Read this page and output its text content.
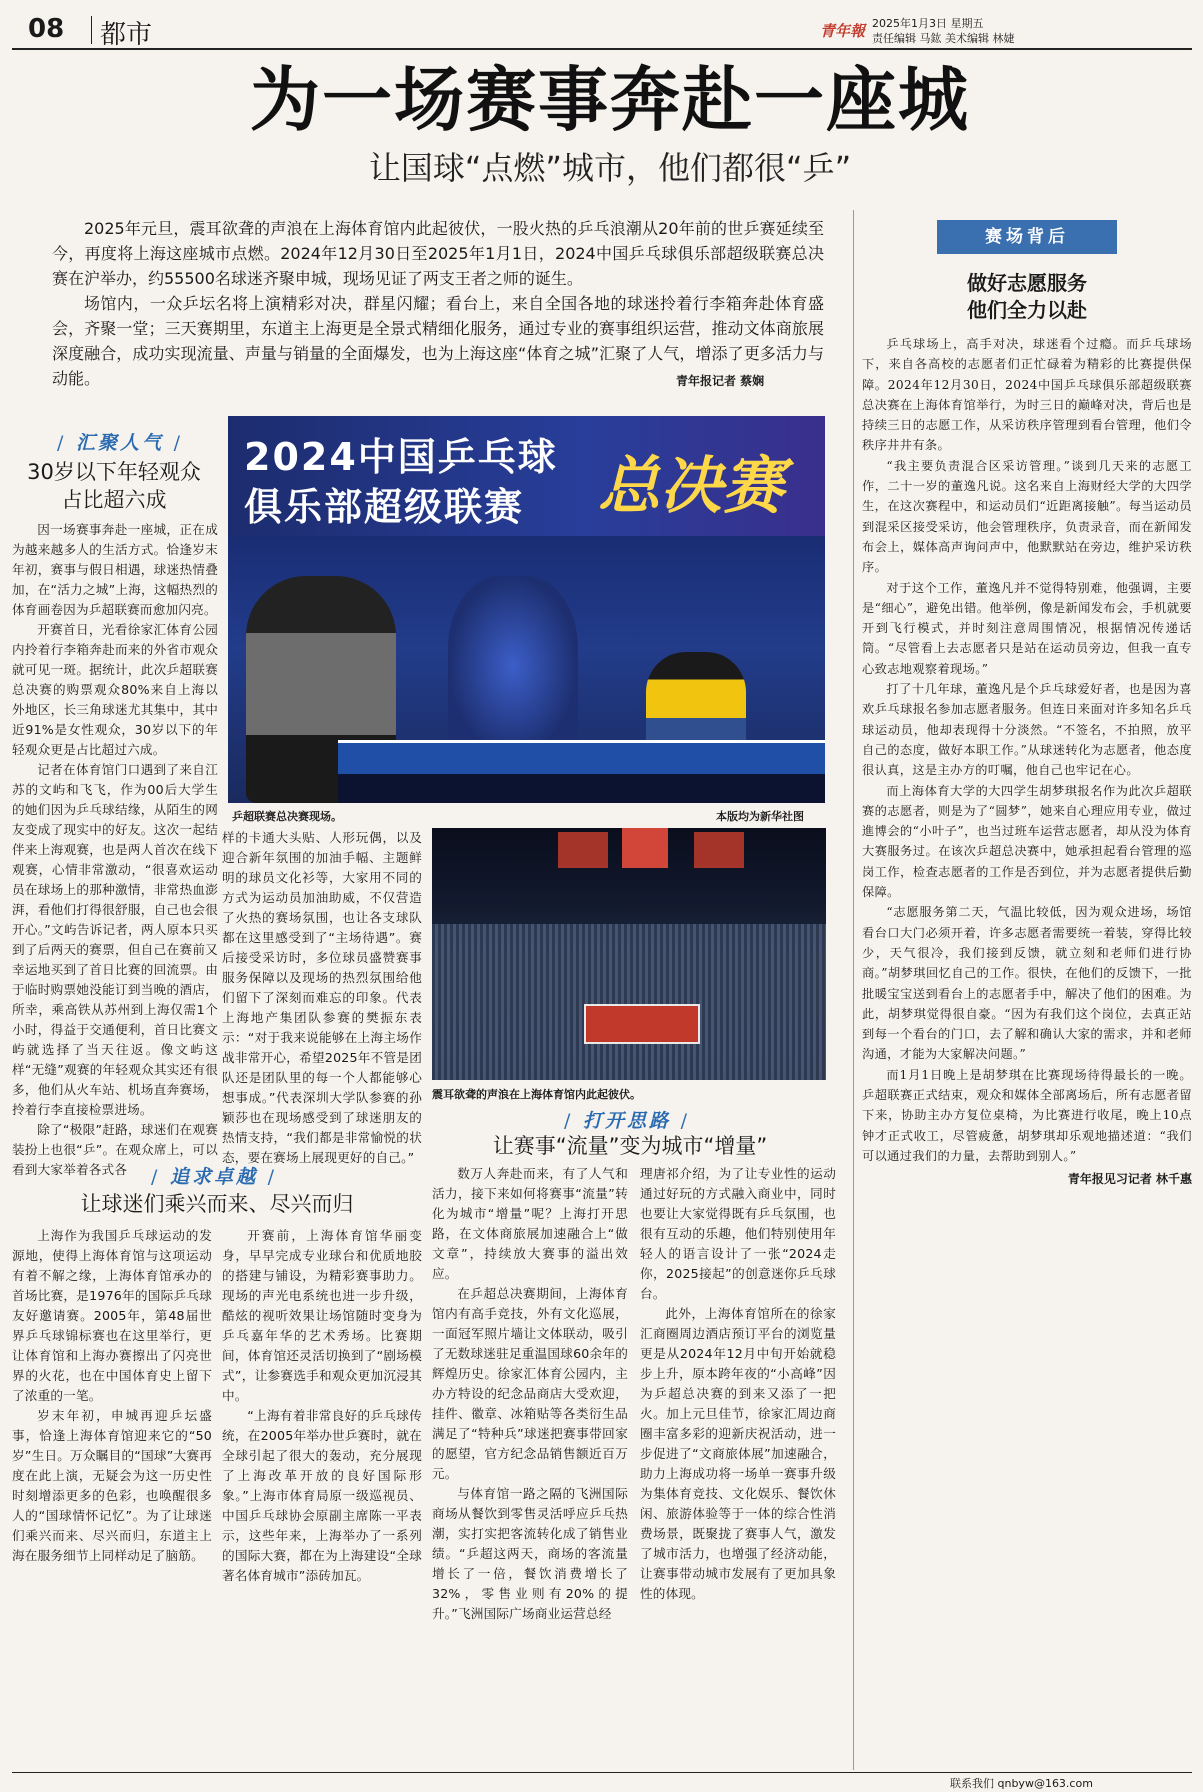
08 都市	青年報 2025年1月3日 星期五
责任编辑 马鈜 美术编辑 林婕
为一场赛事奔赴一座城
让国球“点燃”城市，他们都很“乒”

2025年元旦，震耳欲聋的声浪在上海体育馆内此起彼伏，一股火热的乒乓浪潮从20年前的世乒赛延续至今，再度将上海这座城市点燃。2024年12月30日至2025年1月1日，2024中国乒乓球俱乐部超级联赛总决赛在沪举办，约55500名球迷齐聚申城，现场见证了两支王者之师的诞生。

场馆内，一众乒坛名将上演精彩对决，群星闪耀；看台上，来自全国各地的球迷拎着行李箱奔赴体育盛会，齐聚一堂；三天赛期里，东道主上海更是全景式精细化服务，通过专业的赛事组织运营，推动文体商旅展深度融合，成功实现流量、声量与销量的全面爆发，也为上海这座“体育之城”汇聚了人气，增添了更多活力与动能。	青年报记者 蔡娴
赛场背后
做好志愿服务
他们全力以赴

乒乓球场上，高手对决，球迷看个过瘾。而乒乓球场下，来自各高校的志愿者们正忙碌着为精彩的比赛提供保障。2024年12月30日，2024中国乒乓球俱乐部超级联赛总决赛在上海体育馆举行，为时三日的巅峰对决，背后也是持续三日的志愿工作，从采访秩序管理到看台管理，他们令秩序井井有条。

“我主要负责混合区采访管理。”谈到几天来的志愿工作，二十一岁的董逸凡说。这名来自上海财经大学的大四学生，在这次赛程中，和运动员们“近距离接触”。每当运动员到混采区接受采访，他会管理秩序，负责录音，而在新闻发布会上，媒体高声询问声中，他默默站在旁边，维护采访秩序。

对于这个工作，董逸凡并不觉得特别难，他强调，主要是“细心”，避免出错。他举例，像是新闻发布会，手机就要开到飞行模式，并时刻注意周围情况，根据情况传递话筒。“尽管看上去志愿者只是站在运动员旁边，但我一直专心致志地观察着现场。”

打了十几年球，董逸凡是个乒乓球爱好者，也是因为喜欢乒乓球报名参加志愿者服务。但连日来面对许多知名乒乓球运动员，他却表现得十分淡然。“不签名，不拍照，放平自己的态度，做好本职工作。”从球迷转化为志愿者，他态度很认真，这是主办方的叮嘱，他自己也牢记在心。

而上海体育大学的大四学生胡梦琪报名作为此次乒超联赛的志愿者，则是为了“圆梦”，她来自心理应用专业，做过進博会的“小叶子”，也当过班车运营志愿者，却从没为体育大赛服务过。在该次乒超总决赛中，她承担起看台管理的巡岗工作，检查志愿者的工作是否到位，并为志愿者提供后勤保障。

“志愿服务第二天，气温比较低，因为观众进场，场馆看台口大门必须开着，许多志愿者需要统一着装，穿得比较少，天气很冷，我们接到反馈，就立刻和老师们进行协商。”胡梦琪回忆自己的工作。很快，在他们的反馈下，一批批暖宝宝送到看台上的志愿者手中，解决了他们的困难。为此，胡梦琪觉得很自豪。“因为有我们这个岗位，去真正站到每一个看台的门口，去了解和确认大家的需求，并和老师沟通，才能为大家解决问题。”

而1月1日晚上是胡梦琪在比赛现场待得最长的一晚。乒超联赛正式结束，观众和媒体全部离场后，所有志愿者留下来，协助主办方复位桌椅，为比赛进行收尾，晚上10点钟才正式收工，尽管疲惫，胡梦琪却乐观地描述道：“我们可以通过我们的力量，去帮助到别人。”

青年报见习记者 林千惠
2024中国乒乓球
俱乐部超级联赛 总决赛
乒超联赛总决赛现场。	本版均为新华社图
/ 汇聚人气 /
30岁以下年轻观众
占比超六成

因一场赛事奔赴一座城，正在成为越来越多人的生活方式。恰逢岁末年初，赛事与假日相遇，球迷热情叠加，在“活力之城”上海，这幅热烈的体育画卷因为乒超联赛而愈加闪亮。

开赛首日，光看徐家汇体育公园内拎着行李箱奔赴而来的外省市观众就可见一斑。据统计，此次乒超联赛总决赛的购票观众80%来自上海以外地区，长三角球迷尤其集中，其中近91%是女性观众，30岁以下的年轻观众更是占比超过六成。

记者在体育馆门口遇到了来自江苏的文屿和飞飞，作为00后大学生的她们因为乒乓球结缘，从陌生的网友变成了现实中的好友。这次一起结伴来上海观赛，也是两人首次在线下观赛，心情非常激动，“很喜欢运动员在球场上的那种激情，非常热血澎湃，看他们打得很舒服，自己也会很开心。”文屿告诉记者，两人原本只买到了后两天的赛票，但自己在赛前又幸运地买到了首日比赛的回流票。由于临时购票她没能订到当晚的酒店，所幸，乘高铁从苏州到上海仅需1个小时，得益于交通便利，首日比赛文屿就选择了当天往返。像文屿这样“无缝”观赛的年轻观众其实还有很多，他们从火车站、机场直奔赛场，拎着行李直接检票进场。

除了“极限”赶路，球迷们在观赛装扮上也很“乒”。在观众席上，可以看到大家举着各式各

样的卡通大头贴、人形玩偶，以及迎合新年氛围的加油手幅、主题鲜明的球员文化衫等，大家用不同的方式为运动员加油助威，不仅营造了火热的赛场氛围，也让各支球队都在这里感受到了“主场待遇”。赛后接受采访时，多位球员盛赞赛事服务保障以及现场的热烈氛围给他们留下了深刻而难忘的印象。代表上海地产集团队参赛的樊振东表示：“对于我来说能够在上海主场作战非常开心，希望2025年不管是团队还是团队里的每一个人都能够心想事成。”代表深圳大学队参赛的孙颖莎也在现场感受到了球迷朋友的热情支持，“我们都是非常愉悦的状态，要在赛场上展现更好的自己。”

震耳欲聋的声浪在上海体育馆内此起彼伏。
/ 打开思路 /
让赛事“流量”变为城市“增量”

数万人奔赴而来，有了人气和活力，接下来如何将赛事“流量”转化为城市“增量”呢？上海打开思路，在文体商旅展加速融合上“做文章”，持续放大赛事的溢出效应。

在乒超总决赛期间，上海体育馆内有高手竞技，外有文化巡展，一面冠军照片墙让文体联动，吸引了无数球迷驻足重温国球60余年的辉煌历史。徐家汇体育公园内，主办方特设的纪念品商店大受欢迎，挂件、徽章、冰箱贴等各类衍生品满足了“特种兵”球迷把赛事带回家的愿望，官方纪念品销售额近百万元。

与体育馆一路之隔的飞洲国际商场从餐饮到零售灵活呼应乒乓热潮，实打实把客流转化成了销售业绩。“乒超这两天，商场的客流量增长了一倍，餐饮消费增长了32%，零售业则有20%的提升。”飞洲国际广场商业运营总经

理唐祁介绍，为了让专业性的运动通过好玩的方式融入商业中，同时也要让大家觉得既有乒乓氛围，也很有互动的乐趣，他们特别使用年轻人的语言设计了一张“2024走你，2025接起”的创意迷你乒乓球台。

此外，上海体育馆所在的徐家汇商圈周边酒店预订平台的浏览量更是从2024年12月中旬开始就稳步上升，原本跨年夜的“小高峰”因为乒超总决赛的到来又添了一把火。加上元旦佳节，徐家汇周边商圈丰富多彩的迎新庆祝活动，进一步促进了“文商旅体展”加速融合，助力上海成功将一场单一赛事升级为集体育竞技、文化娱乐、餐饮休闲、旅游体验等于一体的综合性消费场景，既聚拢了赛事人气，激发了城市活力，也增强了经济动能，让赛事带动城市发展有了更加具象性的体现。

/ 追求卓越 /
让球迷们乘兴而来、尽兴而归

上海作为我国乒乓球运动的发源地，使得上海体育馆与这项运动有着不解之缘，上海体育馆承办的首场比赛，是1976年的国际乒乓球友好邀请赛。2005年，第48届世界乒乓球锦标赛也在这里举行，更让体育馆和上海办赛擦出了闪亮世界的火花，也在中国体育史上留下了浓重的一笔。

岁末年初，申城再迎乒坛盛事，恰逢上海体育馆迎来它的“50岁”生日。万众瞩目的“国球”大赛再度在此上演，无疑会为这一历史性时刻增添更多的色彩，也唤醒很多人的“国球情怀记忆”。为了让球迷们乘兴而来、尽兴而归，东道主上海在服务细节上同样动足了脑筋。

开赛前，上海体育馆华丽变身，早早完成专业球台和优质地胶的搭建与铺设，为精彩赛事助力。现场的声光电系统也进一步升级，酷炫的视听效果让场馆随时变身为乒乓嘉年华的艺术秀场。比赛期间，体育馆还灵活切换到了“剧场模式”，让参赛选手和观众更加沉浸其中。

“上海有着非常良好的乒乓球传统，在2005年举办世乒赛时，就在全球引起了很大的轰动，充分展现了上海改革开放的良好国际形象。”上海市体育局原一级巡视员、中国乒乓球协会原副主席陈一平表示，这些年来，上海举办了一系列的国际大赛，都在为上海建设“全球著名体育城市”添砖加瓦。

联系我们 qnbyw@163.com
